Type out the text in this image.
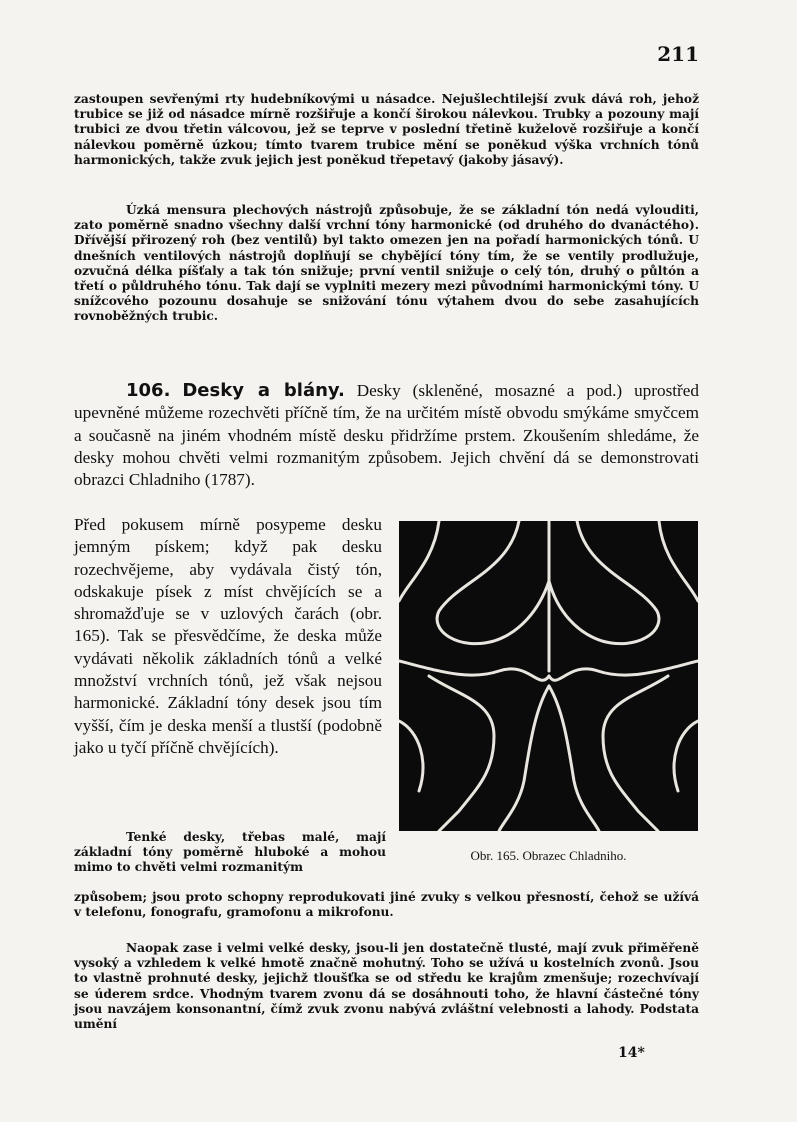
211

zastoupen sevřenými rty hudebníkovými u násadce. Nejušlechtilejší zvuk dává roh, jehož trubice se již od násadce mírně rozšiřuje a končí širokou nálevkou. Trubky a pozouny mají trubici ze dvou třetin válcovou, jež se teprve v poslední třetině kuželově rozšiřuje a končí nálevkou poměrně úzkou; tímto tvarem trubice mění se poněkud výška vrchních tónů harmonických, takže zvuk jejich jest poněkud třepetavý (jakoby jásavý).

Úzká mensura plechových nástrojů způsobuje, že se základní tón nedá vylouditi, zato poměrně snadno všechny další vrchní tóny harmonické (od druhého do dvanáctého). Dřívější přirozený roh (bez ventilů) byl takto omezen jen na pořadí harmonických tónů. U dnešních ventilových nástrojů doplňují se chybějící tóny tím, že se ventily prodlužuje, ozvučná délka píšťaly a tak tón snižuje; první ventil snižuje o celý tón, druhý o půltón a třetí o půldruhého tónu. Tak dají se vyplniti mezery mezi původními harmonickými tóny. U snížcového pozounu dosahuje se snižování tónu výtahem dvou do sebe zasahujících rovnoběžných trubic.

106. Desky a blány. Desky (skleněné, mosazné a pod.) uprostřed upevněné můžeme rozechvěti příčně tím, že na určitém místě obvodu smýkáme smyčcem a současně na jiném vhodném místě desku přidržíme prstem. Zkoušením shledáme, že desky mohou chvěti velmi rozmanitým způsobem. Jejich chvění dá se demonstrovati obrazci Chladniho (1787).

Před pokusem mírně posypeme desku jemným pískem; když pak desku rozechvějeme, aby vydávala čistý tón, odskakuje písek z míst chvějících se a shromažďuje se v uzlových čarách (obr. 165). Tak se přesvědčíme, že deska může vydávati několik základních tónů a velké množství vrchních tónů, jež však nejsou harmonické. Základní tóny desek jsou tím vyšší, čím je deska menší a tlustší (podobně jako u tyčí příčně chvějících).

Obr. 165. Obrazec Chladniho.

Tenké desky, třebas malé, mají základní tóny poměrně hluboké a mohou mimo to chvěti velmi rozmanitým

způsobem; jsou proto schopny reprodukovati jiné zvuky s velkou přesností, čehož se užívá v telefonu, fonografu, gramofonu a mikrofonu.

Naopak zase i velmi velké desky, jsou-li jen dostatečně tlusté, mají zvuk přiměřeně vysoký a vzhledem k velké hmotě značně mohutný. Toho se užívá u kostelních zvonů. Jsou to vlastně prohnuté desky, jejichž tloušťka se od středu ke krajům zmenšuje; rozechvívají se úderem srdce. Vhodným tvarem zvonu dá se dosáhnouti toho, že hlavní částečné tóny jsou navzájem konsonantní, čímž zvuk zvonu nabývá zvláštní velebnosti a lahody. Podstata umění

14*
